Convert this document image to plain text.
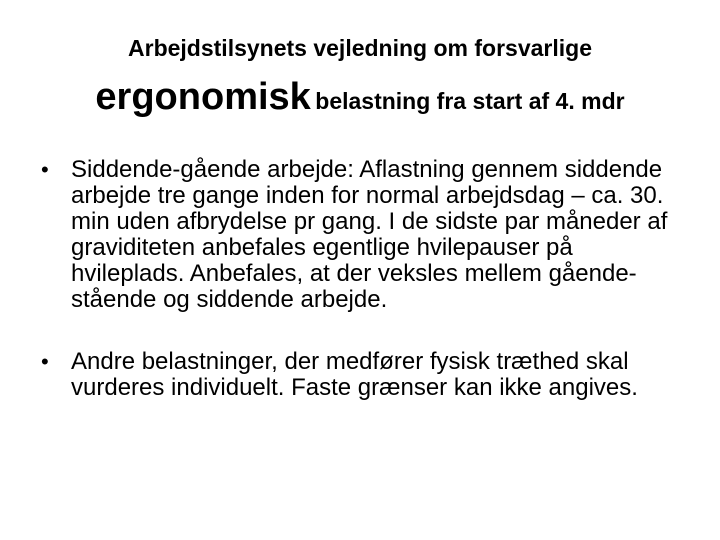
Arbejdstilsynets vejledning om forsvarlige
ergonomisk belastning fra start af 4. mdr
• Siddende-gående arbejde: Aflastning gennem siddende arbejde tre gange inden for normal arbejdsdag – ca. 30. min uden afbrydelse pr gang. I de sidste par måneder af graviditeten anbefales egentlige hvilepauser på hvileplads. Anbefales, at der veksles mellem gående-stående og siddende arbejde.
• Andre belastninger, der medfører fysisk træthed skal vurderes individuelt. Faste grænser kan ikke angives.
